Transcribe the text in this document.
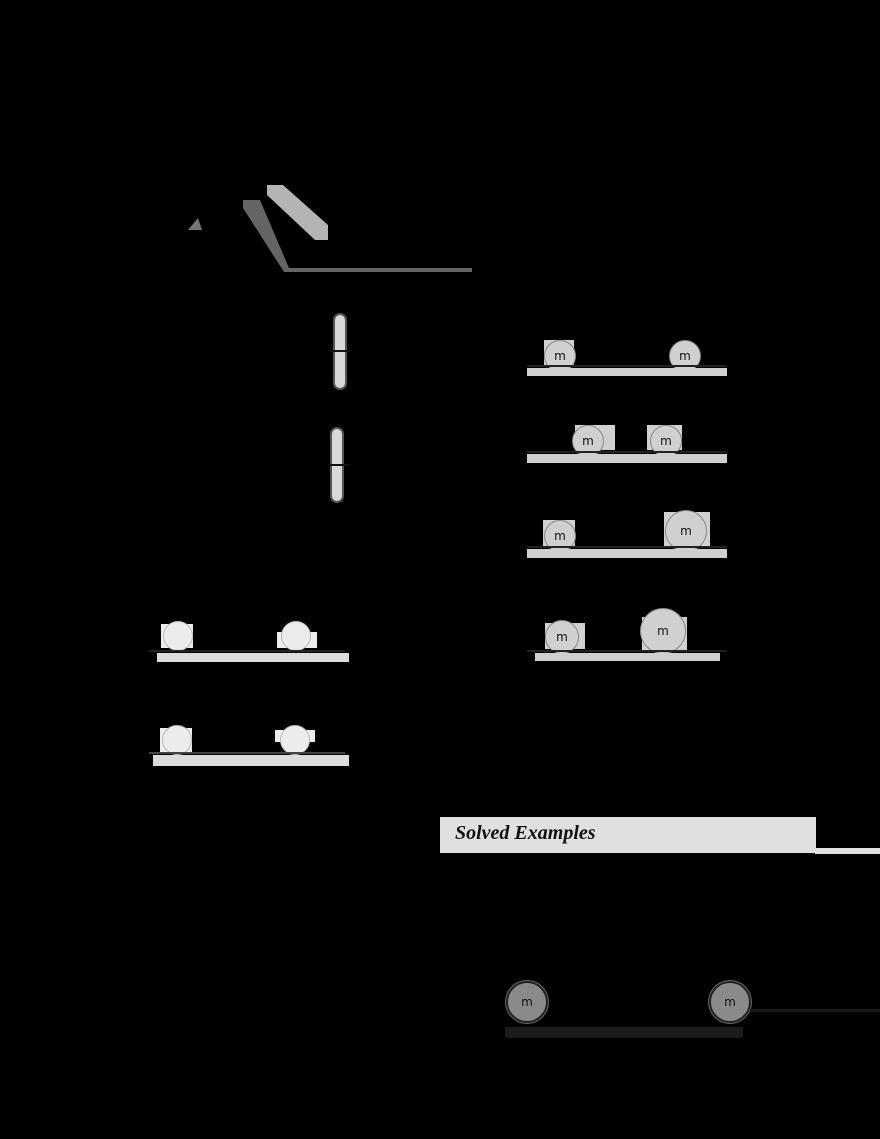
m	m
m	m
m	m
m	m
Solved Examples
m	m
